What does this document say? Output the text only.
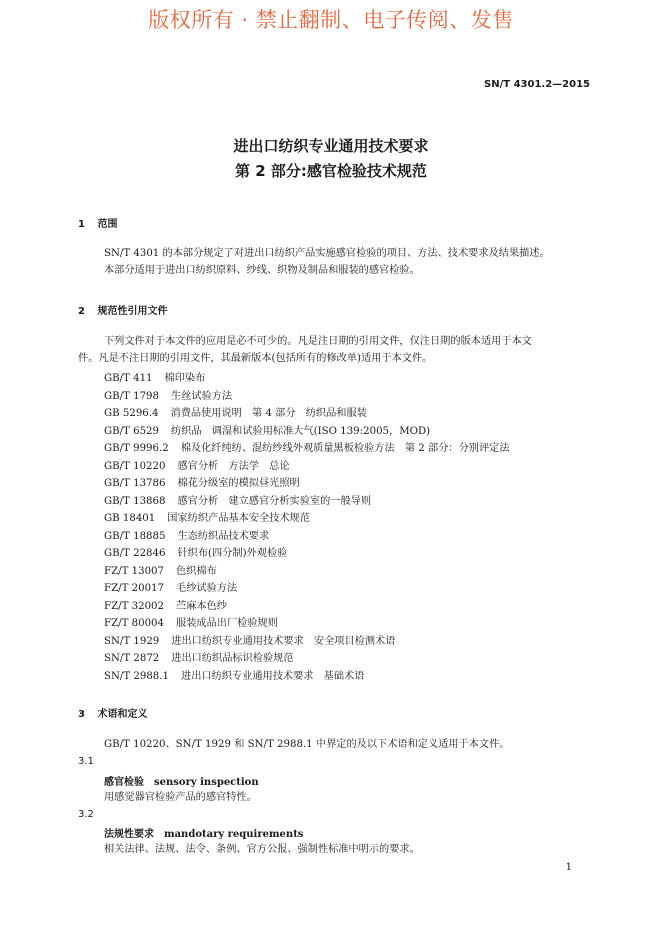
版权所有 · 禁止翻制、电子传阅、发售
SN/T 4301.2—2015
进出口纺织专业通用技术要求
第 2 部分:感官检验技术规范
1 范围
SN/T 4301 的本部分规定了对进出口纺织产品实施感官检验的项目、方法、技术要求及结果描述。
本部分适用于进出口纺织原料、纱线、织物及制品和服装的感官检验。
2 规范性引用文件
下列文件对于本文件的应用是必不可少的。凡是注日期的引用文件，仅注日期的版本适用于本文
件。凡是不注日期的引用文件，其最新版本(包括所有的修改单)适用于本文件。
GB/T 411 棉印染布
GB/T 1798 生丝试验方法
GB 5296.4 消费品使用说明　第 4 部分　纺织品和服装
GB/T 6529 纺织品　调湿和试验用标准大气(ISO 139:2005，MOD)
GB/T 9996.2 棉及化纤纯纺、混纺纱线外观质量黑板检验方法　第 2 部分：分别评定法
GB/T 10220 感官分析　方法学　总论
GB/T 13786 棉花分级室的模拟昼光照明
GB/T 13868 感官分析　建立感官分析实验室的一般导则
GB 18401 国家纺织产品基本安全技术规范
GB/T 18885 生态纺织品技术要求
GB/T 22846 针织布(四分制)外观检验
FZ/T 13007 色织棉布
FZ/T 20017 毛纱试验方法
FZ/T 32002 苎麻本色纱
FZ/T 80004 服装成品出厂检验规则
SN/T 1929 进出口纺织专业通用技术要求　安全项目检测术语
SN/T 2872 进出口纺织品标识检验规范
SN/T 2988.1 进出口纺织专业通用技术要求　基础术语
3 术语和定义
GB/T 10220、SN/T 1929 和 SN/T 2988.1 中界定的及以下术语和定义适用于本文件。
3.1
感官检验 sensory inspection
用感觉器官检验产品的感官特性。
3.2
法规性要求 mandotary requirements
相关法律、法规、法令、条例、官方公报、强制性标准中明示的要求。
1
